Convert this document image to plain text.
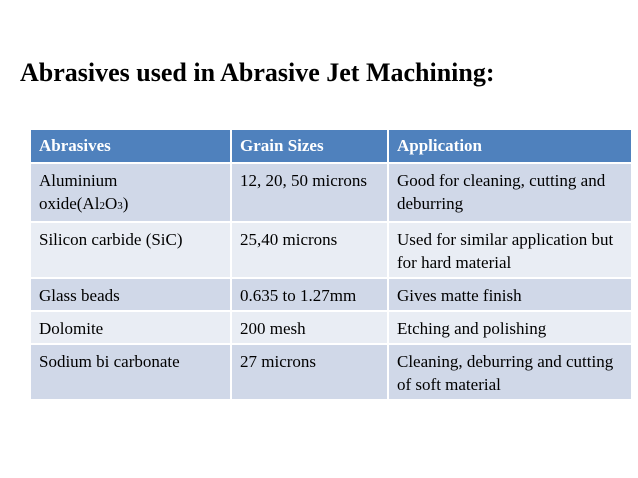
Abrasives used in Abrasive Jet Machining:
Abrasives	Grain Sizes	Application
Aluminium
oxide(Al2O3)	12, 20, 50 microns	Good for cleaning, cutting and deburring
Silicon carbide (SiC)	25,40 microns	Used for similar application but for hard material
Glass beads	0.635 to 1.27mm	Gives matte finish
Dolomite	200 mesh	Etching and polishing
Sodium bi carbonate	27 microns	Cleaning, deburring and cutting of soft material
